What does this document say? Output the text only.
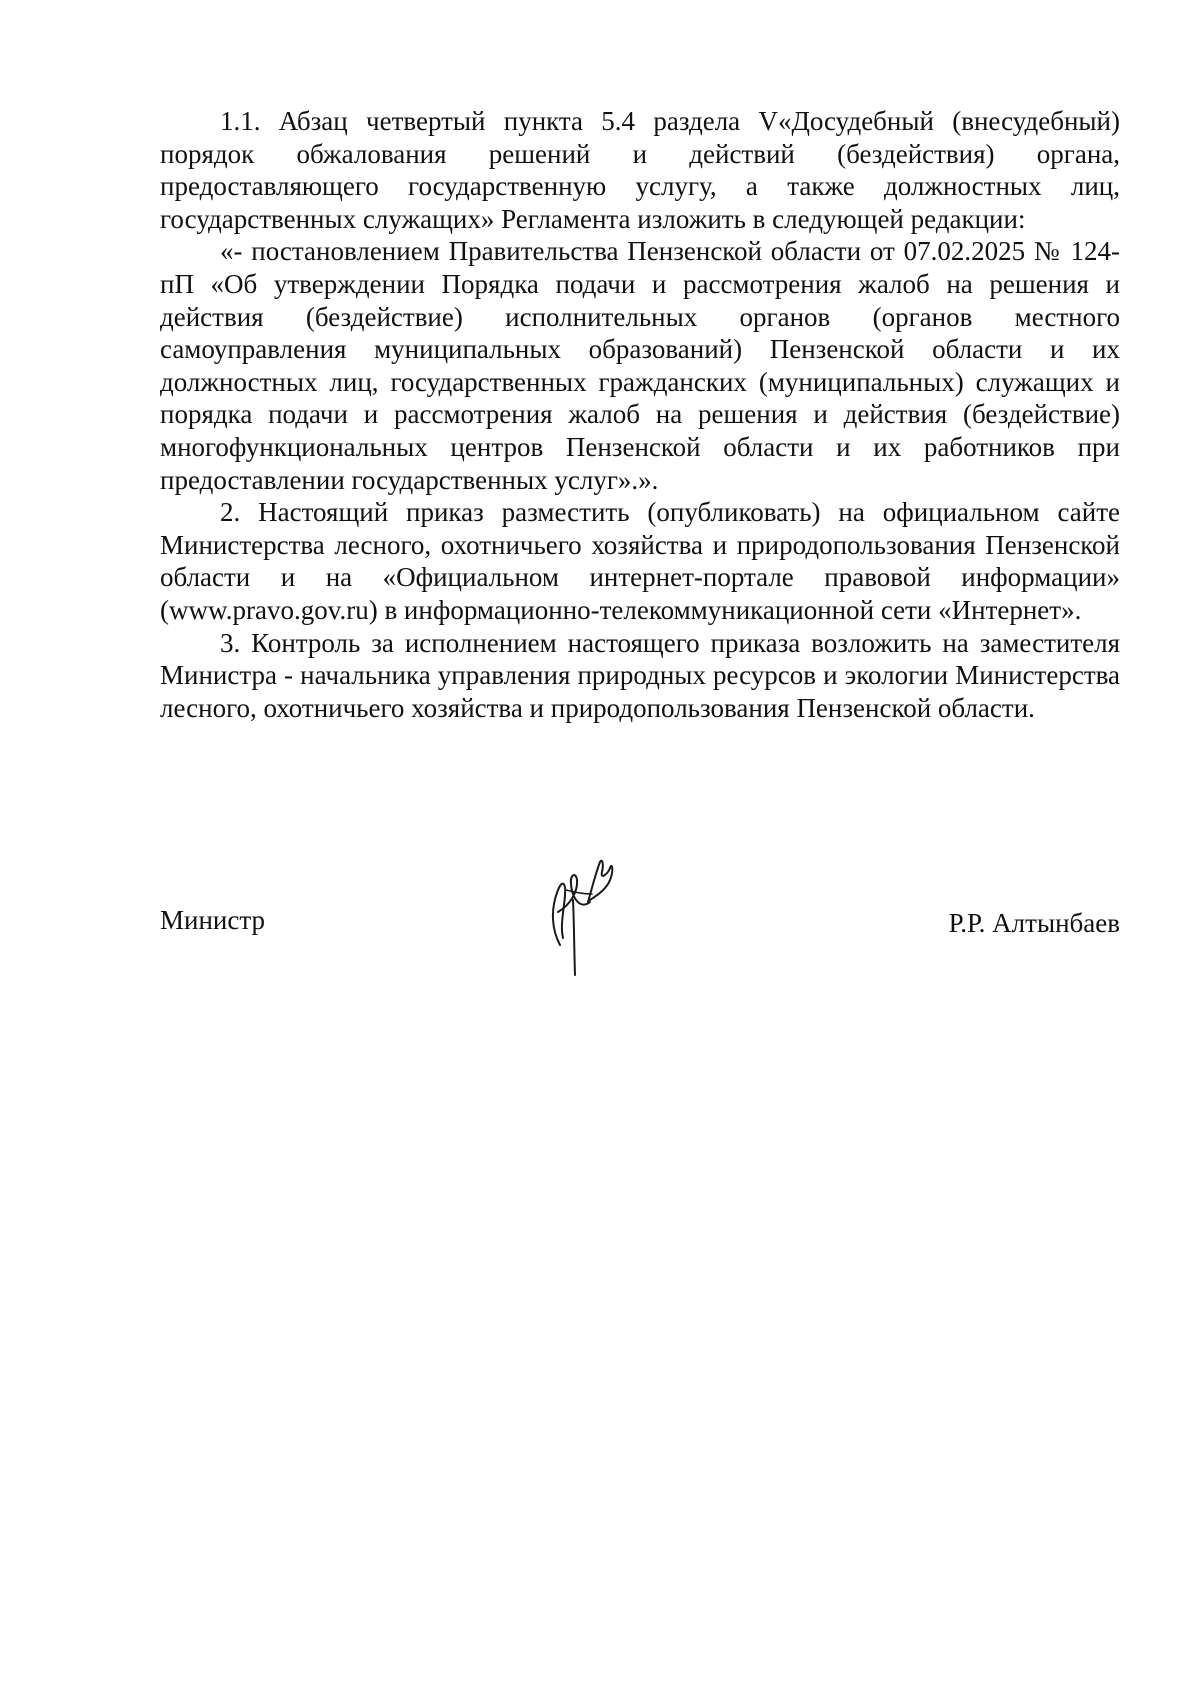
1.1. Абзац четвертый пункта 5.4 раздела V«Досудебный (внесудебный) порядок обжалования решений и действий (бездействия) органа, предоставляющего государственную услугу, а также должностных лиц, государственных служащих» Регламента изложить в следующей редакции:

«- постановлением Правительства Пензенской области от 07.02.2025 № 124-пП «Об утверждении Порядка подачи и рассмотрения жалоб на решения и действия (бездействие) исполнительных органов (органов местного самоуправления муниципальных образований) Пензенской области и их должностных лиц, государственных гражданских (муниципальных) служащих и порядка подачи и рассмотрения жалоб на решения и действия (бездействие) многофункциональных центров Пензенской области и их работников при предоставлении государственных услуг».».

2. Настоящий приказ разместить (опубликовать) на официальном сайте Министерства лесного, охотничьего хозяйства и природопользования Пензенской области и на «Официальном интернет-портале правовой информации» (www.pravo.gov.ru) в информационно-телекоммуникационной сети «Интернет».

3. Контроль за исполнением настоящего приказа возложить на заместителя Министра - начальника управления природных ресурсов и экологии Министерства лесного, охотничьего хозяйства и природопользования Пензенской области.

Министр	Р.Р. Алтынбаев
